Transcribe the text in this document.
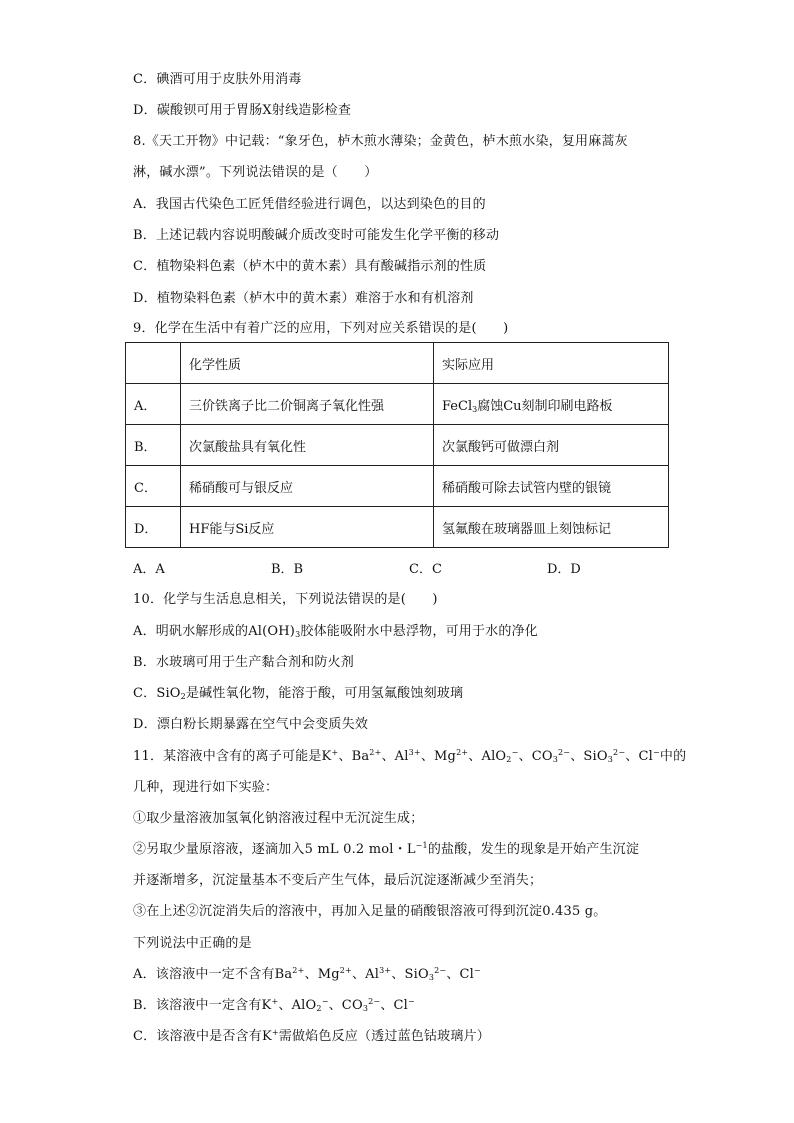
C．碘酒可用于皮肤外用消毒
D．碳酸钡可用于胃肠X射线造影检查
8.《天工开物》中记载：“象牙色，栌木煎水薄染；金黄色，栌木煎水染，复用麻蒿灰
淋，碱水漂”。下列说法错误的是（　　）
A．我国古代染色工匠凭借经验进行调色，以达到染色的目的
B．上述记载内容说明酸碱介质改变时可能发生化学平衡的移动
C．植物染料色素（栌木中的黄木素）具有酸碱指示剂的性质
D．植物染料色素（栌木中的黄木素）难溶于水和有机溶剂
9．化学在生活中有着广泛的应用，下列对应关系错误的是(　　)
	化学性质	实际应用
A．	三价铁离子比二价铜离子氧化性强	FeCl$_3$腐蚀Cu刻制印刷电路板
B．	次氯酸盐具有氧化性	次氯酸钙可做漂白剂
C．	稀硝酸可与银反应	稀硝酸可除去试管内壁的银镜
D．	HF能与Si反应	氢氟酸在玻璃器皿上刻蚀标记
A．A	B．B	C．C	D．D
10．化学与生活息息相关，下列说法错误的是(　　)
A．明矾水解形成的$Al(OH)_3$胶体能吸附水中悬浮物，可用于水的净化
B．水玻璃可用于生产黏合剂和防火剂
C．SiO$_2$是碱性氧化物，能溶于酸，可用氢氟酸蚀刻玻璃
D．漂白粉长期暴露在空气中会变质失效
11．某溶液中含有的离子可能是K+、$Ba^{2+}$、$Al^{3+}$、$Mg^{2+}$、AlO$_2$−、$CO_3^{2-}$、SiO$_3^{2-}$、Cl−中的
几种，现进行如下实验：
①取少量溶液加氢氧化钠溶液过程中无沉淀生成；
②另取少量原溶液，逐滴加入5 mL 0.2 mol・$L^{-1}$的盐酸，发生的现象是开始产生沉淀
并逐渐增多，沉淀量基本不变后产生气体，最后沉淀逐渐减少至消失；
③在上述②沉淀消失后的溶液中，再加入足量的硝酸银溶液可得到沉淀0.435 g。
下列说法中正确的是
A．该溶液中一定不含有$Ba^{2+}$、$Mg^{2+}$、$Al^{3+}$、SiO$_3^{2-}$、Cl−
B．该溶液中一定含有K+、AlO$_2$−、$CO_3^{2-}$、Cl−
C．该溶液中是否含有K+需做焰色反应（透过蓝色钴玻璃片）
